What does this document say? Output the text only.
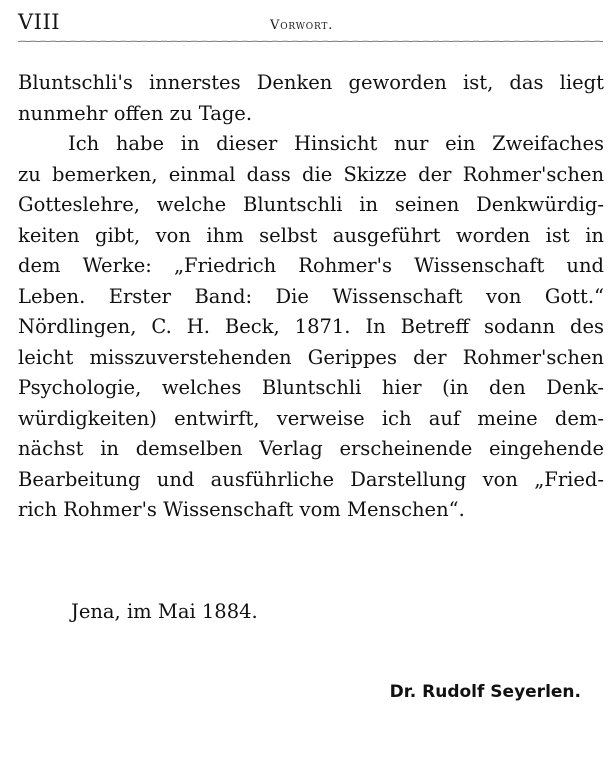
VIII	Vorwort.
Bluntschli's innerstes Denken geworden ist, das liegt
nunmehr offen zu Tage.
Ich habe in dieser Hinsicht nur ein Zweifaches
zu bemerken, einmal dass die Skizze der Rohmer'schen
Gotteslehre, welche Bluntschli in seinen Denkwürdig-
keiten gibt, von ihm selbst ausgeführt worden ist in
dem Werke: „Friedrich Rohmer's Wissenschaft und
Leben. Erster Band: Die Wissenschaft von Gott.“
Nördlingen, C. H. Beck, 1871. In Betreff sodann des
leicht misszuverstehenden Gerippes der Rohmer'schen
Psychologie, welches Bluntschli hier (in den Denk-
würdigkeiten) entwirft, verweise ich auf meine dem-
nächst in demselben Verlag erscheinende eingehende
Bearbeitung und ausführliche Darstellung von „Fried-
rich Rohmer's Wissenschaft vom Menschen“.
Jena, im Mai 1884.
Dr. Rudolf Seyerlen.
